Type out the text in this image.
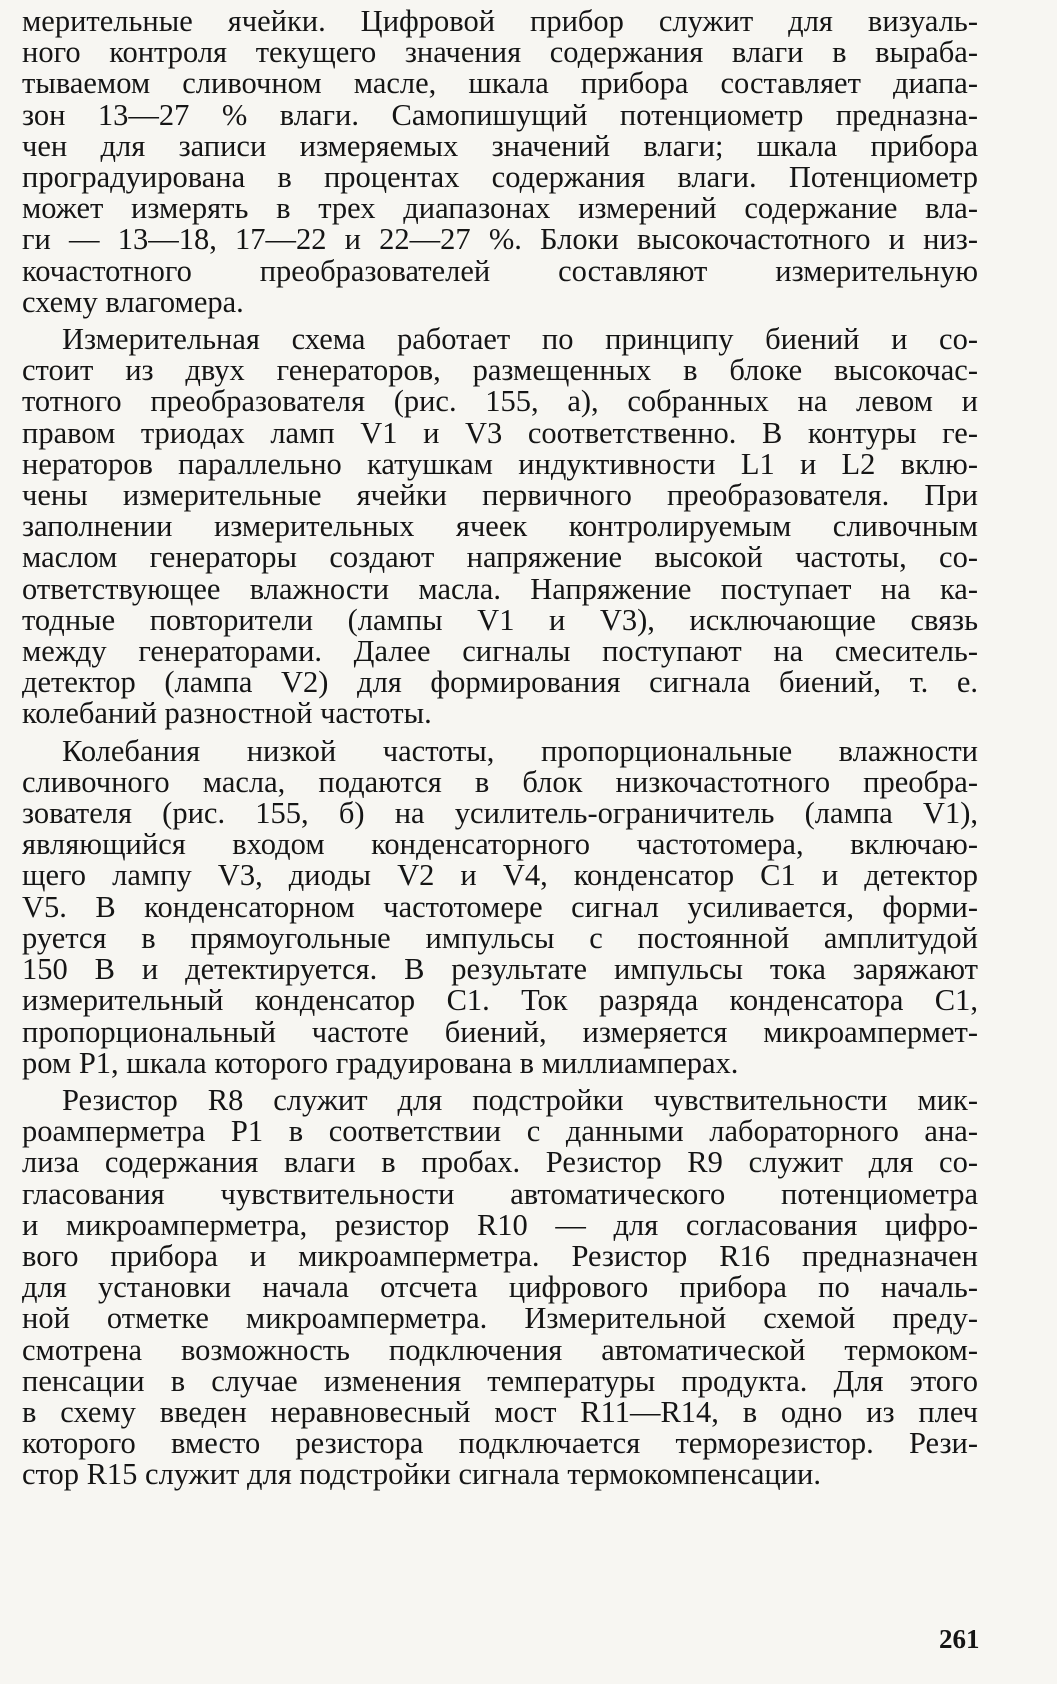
мерительные ячейки. Цифровой прибор служит для визуаль-
ного контроля текущего значения содержания влаги в выраба-
тываемом сливочном масле, шкала прибора составляет диапа-
зон 13—27 % влаги. Самопишущий потенциометр предназна-
чен для записи измеряемых значений влаги; шкала прибора
проградуирована в процентах содержания влаги. Потенциометр
может измерять в трех диапазонах измерений содержание вла-
ги — 13—18, 17—22 и 22—27 %. Блоки высокочастотного и низ-
кочастотного преобразователей составляют измерительную
схему влагомера.
Измерительная схема работает по принципу биений и со-
стоит из двух генераторов, размещенных в блоке высокочас-
тотного преобразователя (рис. 155, а), собранных на левом и
правом триодах ламп V1 и V3 соответственно. В контуры ге-
нераторов параллельно катушкам индуктивности L1 и L2 вклю-
чены измерительные ячейки первичного преобразователя. При
заполнении измерительных ячеек контролируемым сливочным
маслом генераторы создают напряжение высокой частоты, со-
ответствующее влажности масла. Напряжение поступает на ка-
тодные повторители (лампы V1 и V3), исключающие связь
между генераторами. Далее сигналы поступают на смеситель-
детектор (лампа V2) для формирования сигнала биений, т. е.
колебаний разностной частоты.
Колебания низкой частоты, пропорциональные влажности
сливочного масла, подаются в блок низкочастотного преобра-
зователя (рис. 155, б) на усилитель-ограничитель (лампа V1),
являющийся входом конденсаторного частотомера, включаю-
щего лампу V3, диоды V2 и V4, конденсатор C1 и детектор
V5. В конденсаторном частотомере сигнал усиливается, форми-
руется в прямоугольные импульсы с постоянной амплитудой
150 В и детектируется. В результате импульсы тока заряжают
измерительный конденсатор C1. Ток разряда конденсатора C1,
пропорциональный частоте биений, измеряется микроампермет-
ром P1, шкала которого градуирована в миллиамперах.
Резистор R8 служит для подстройки чувствительности мик-
роамперметра P1 в соответствии с данными лабораторного ана-
лиза содержания влаги в пробах. Резистор R9 служит для со-
гласования чувствительности автоматического потенциометра
и микроамперметра, резистор R10 — для согласования цифро-
вого прибора и микроамперметра. Резистор R16 предназначен
для установки начала отсчета цифрового прибора по началь-
ной отметке микроамперметра. Измерительной схемой преду-
смотрена возможность подключения автоматической термоком-
пенсации в случае изменения температуры продукта. Для этого
в схему введен неравновесный мост R11—R14, в одно из плеч
которого вместо резистора подключается терморезистор. Рези-
стор R15 служит для подстройки сигнала термокомпенсации.
261
